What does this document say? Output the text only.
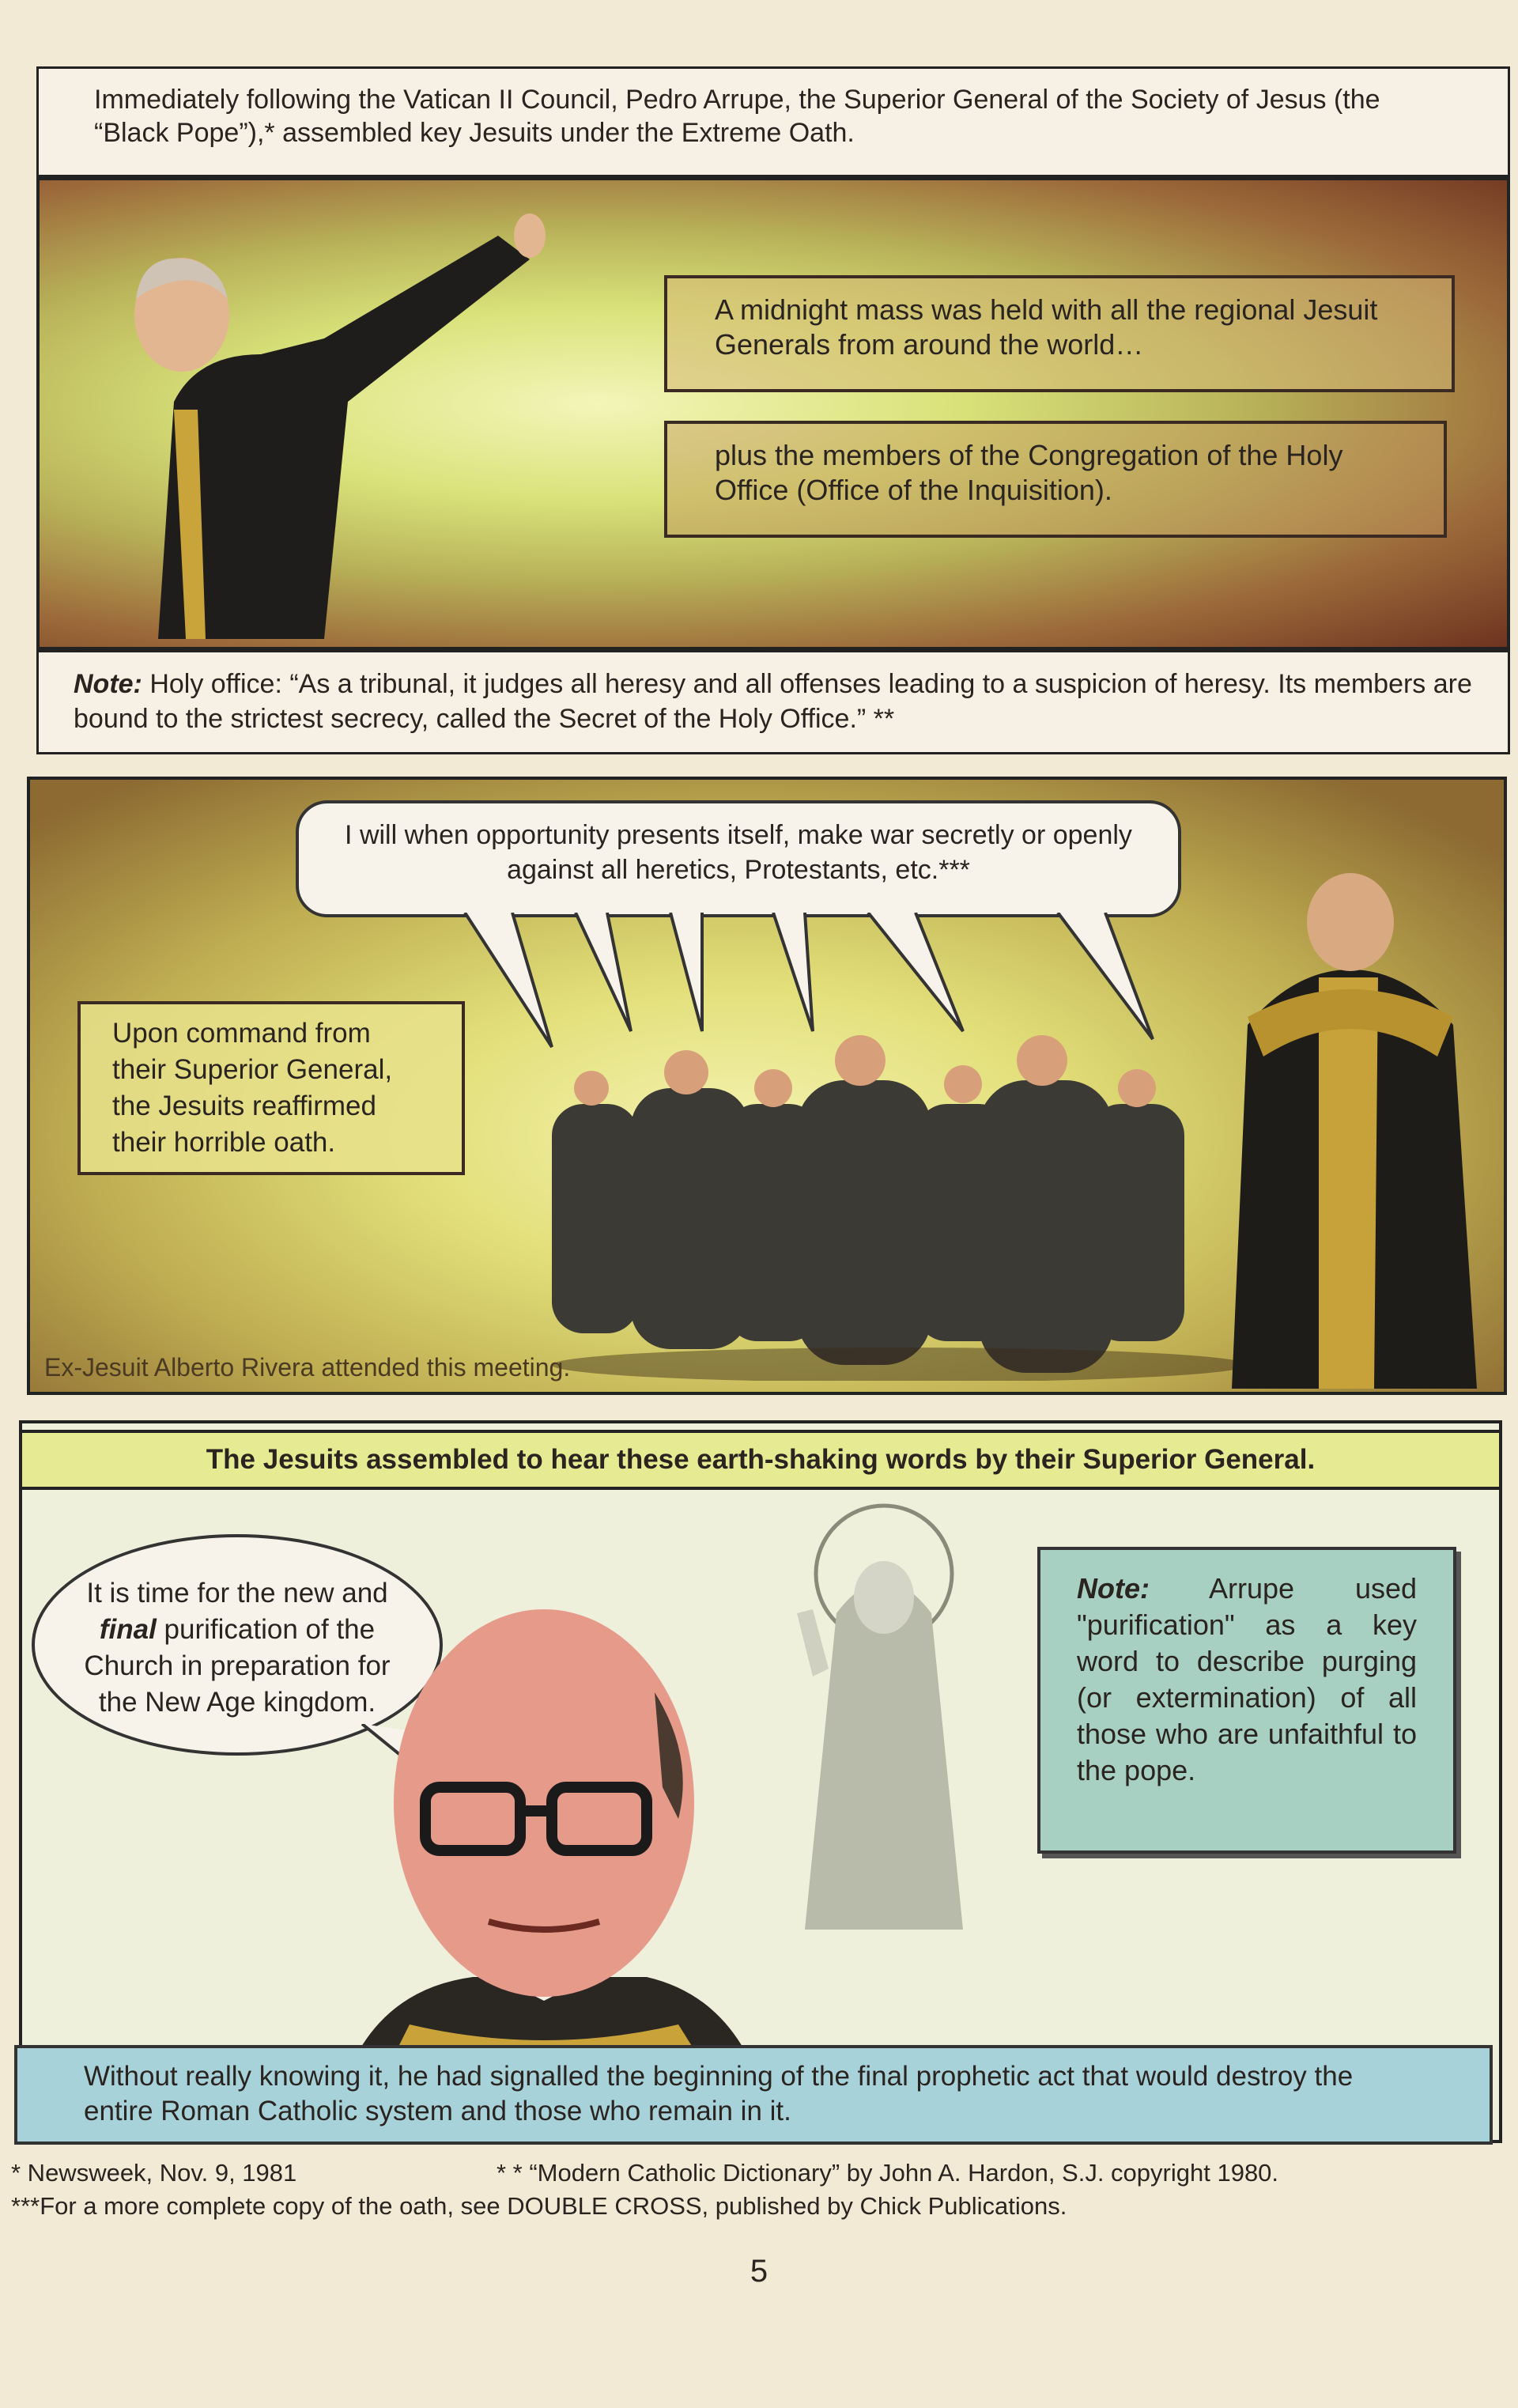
Immediately following the Vatican II Council, Pedro Arrupe, the Superior General of the Society of Jesus (the “Black Pope”),* assembled key Jesuits under the Extreme Oath.
A midnight mass was held with all the regional Jesuit Generals from around the world…
plus the members of the Congregation of the Holy Office (Office of the Inquisition).
Note: Holy office: “As a tribunal, it judges all heresy and all offenses leading to a suspicion of heresy. Its members are bound to the strictest secrecy, called the Secret of the Holy Office.” **
I will when opportunity presents itself, make war secretly or openly against all heretics, Protestants, etc.***
Upon command from their Superior General, the Jesuits reaffirmed their horrible oath.
Ex-Jesuit Alberto Rivera attended this meeting.
The Jesuits assembled to hear these earth-shaking words by their Superior General.
It is time for the new and final purification of the Church in preparation for the New Age kingdom.
Note: Arrupe used "purification" as a key word to describe purging (or extermination) of all those who are unfaithful to the pope.
Without really knowing it, he had signalled the beginning of the final prophetic act that would destroy the entire Roman Catholic system and those who remain in it.
* Newsweek, Nov. 9, 1981	* * “Modern Catholic Dictionary” by John A. Hardon, S.J. copyright 1980.
***For a more complete copy of the oath, see DOUBLE CROSS, published by Chick Publications.
5
